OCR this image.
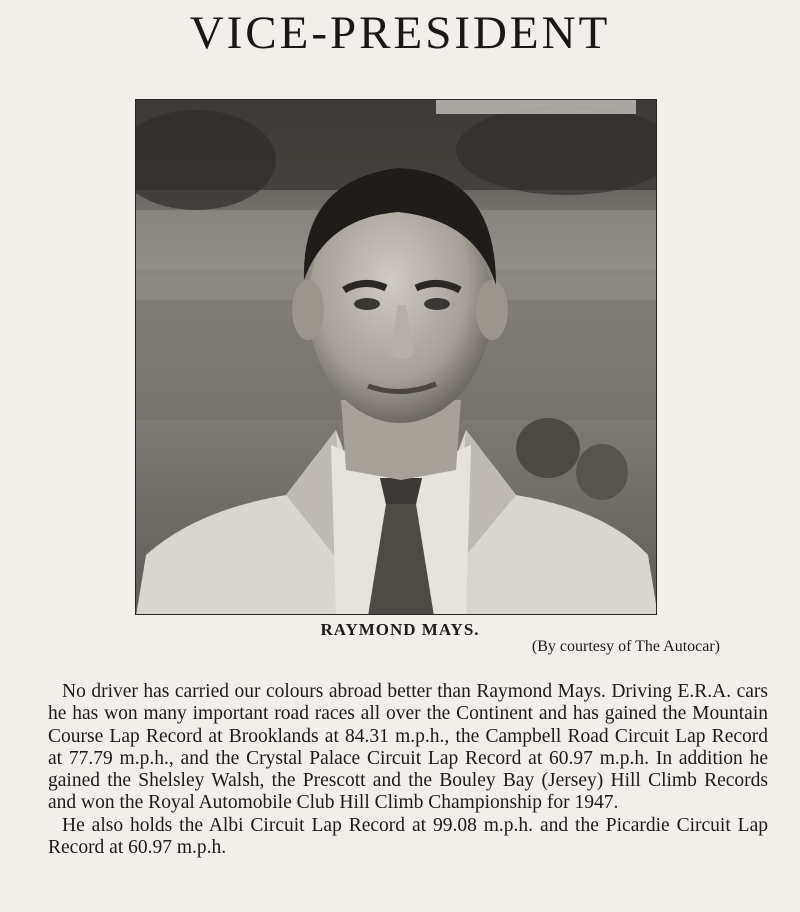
VICE-PRESIDENT
RAYMOND MAYS.
(By courtesy of The Autocar)

No driver has carried our colours abroad better than Raymond Mays. Driving E.R.A. cars he has won many important road races all over the Continent and has gained the Mountain Course Lap Record at Brooklands at 84.31 m.p.h., the Campbell Road Circuit Lap Record at 77.79 m.p.h., and the Crystal Palace Circuit Lap Record at 60.97 m.p.h. In addition he gained the Shelsley Walsh, the Prescott and the Bouley Bay (Jersey) Hill Climb Records and won the Royal Automobile Club Hill Climb Championship for 1947.

He also holds the Albi Circuit Lap Record at 99.08 m.p.h. and the Picardie Circuit Lap Record at 60.97 m.p.h.
